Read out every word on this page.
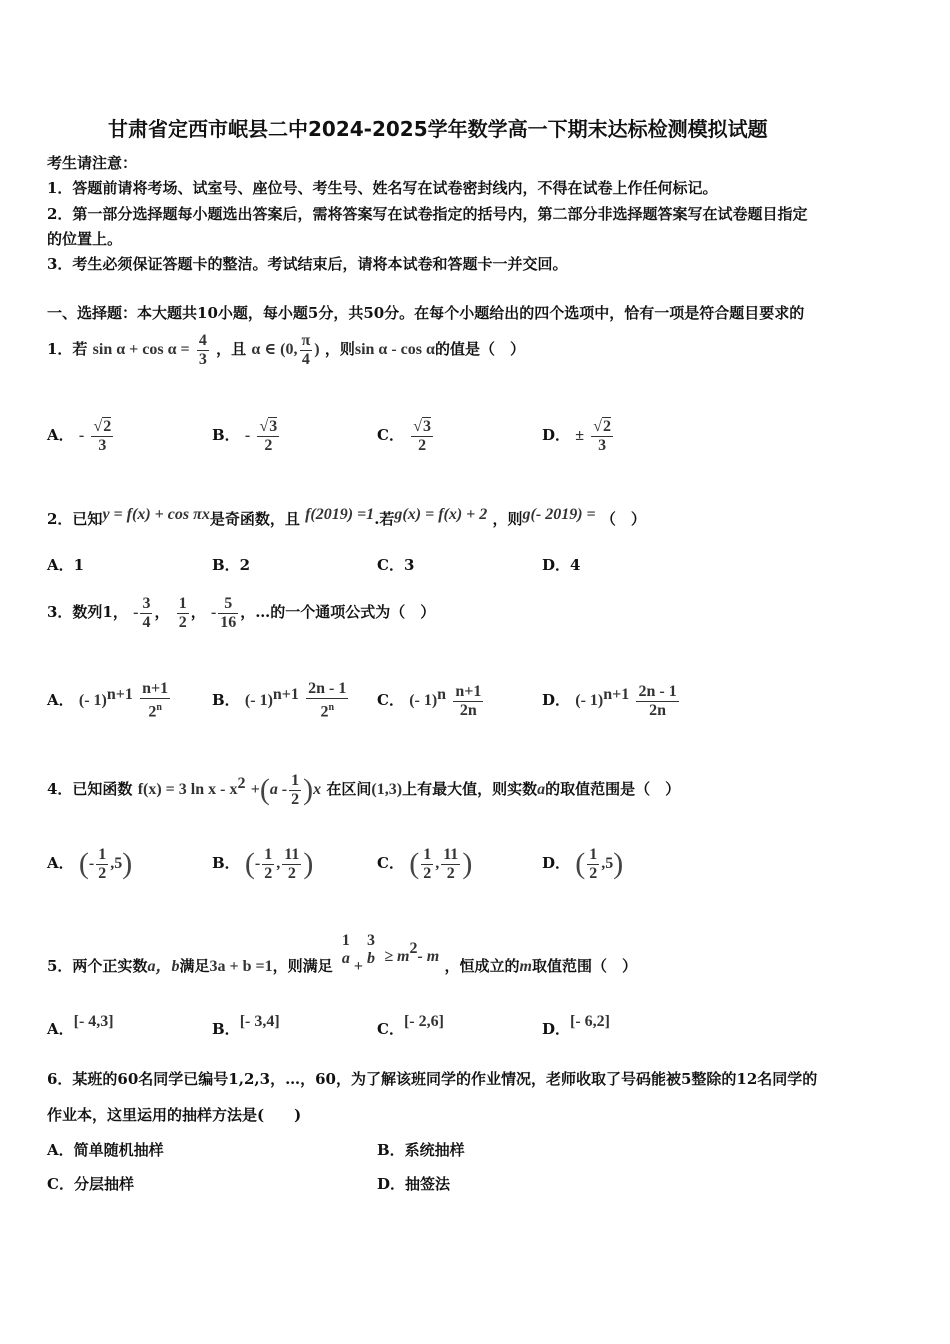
甘肃省定西市岷县二中2024-2025学年数学高一下期末达标检测模拟试题
考生请注意：
1．答题前请将考场、试室号、座位号、考生号、姓名写在试卷密封线内，不得在试卷上作任何标记。
2．第一部分选择题每小题选出答案后，需将答案写在试卷指定的括号内，第二部分非选择题答案写在试卷题目指定
的位置上。
3．考生必须保证答题卡的整洁。考试结束后，请将本试卷和答题卡一并交回。
一、选择题：本大题共10小题，每小题5分，共50分。在每个小题给出的四个选项中，恰有一项是符合题目要求的
1．若 $\sin \alpha + \cos \alpha = \frac{4}{3}$ ，且 α ∈ (0, $\frac{\pi}{4}$ ) ，则sin α - cos α的值是（　）
A． - $\frac{√2}{3}$	B． - $\frac{√3}{2}$	C． $\frac{√3}{2}$	D． ± $\frac{√2}{3}$
2．已知y = f(x) + cos πx是奇函数，且 f(2019) =1.若g(x) = f(x) + 2 ，则g(- 2019) = （　）
A．1	B．2	C．3	D．4
3．数列1， - $\frac{3}{4}$ ， $\frac{1}{2}$ ， - $\frac{5}{16}$ ，…的一个通项公式为（　）
A． (- $1)^{n+1} \frac{n+1}{2^n}$	B． (- $1)^{n+1} \frac{2n - 1}{2^n}$ C． (- $1)^n \frac{n+1}{2n}$	D． (- $1)^{n+1} \frac{2n - 1}{2n}$
4．已知函数 f(x) = 3 $\ln x - x^2 +(a - \frac{1}{2} )x$ 在区间(1,3)上有最大值，则实数a的取值范围是（　）
A． (- $\frac{1}{2} ,5$)	B． (- $\frac{1}{2}$ , $\frac{11}{2}$ )	C． ( $\frac{1}{2}$ , $\frac{11}{2}$ )	D． ( $\frac{1}{2} ,5$)
5．两个正实数a，b满足3a + b =1，则满足
1
a +
3
$b \ge m^2-$ m ，恒成立的m取值范围（　）
A．[- 4,3]	B．[- 3,4]	C．[- 2,6]	D．[- 6,2]
6．某班的60名同学已编号1,2,3，…，60，为了解该班同学的作业情况，老师收取了号码能被5整除的12名同学的
作业本，这里运用的抽样方法是(　　)
A．简单随机抽样	B．系统抽样
C．分层抽样	D．抽签法
